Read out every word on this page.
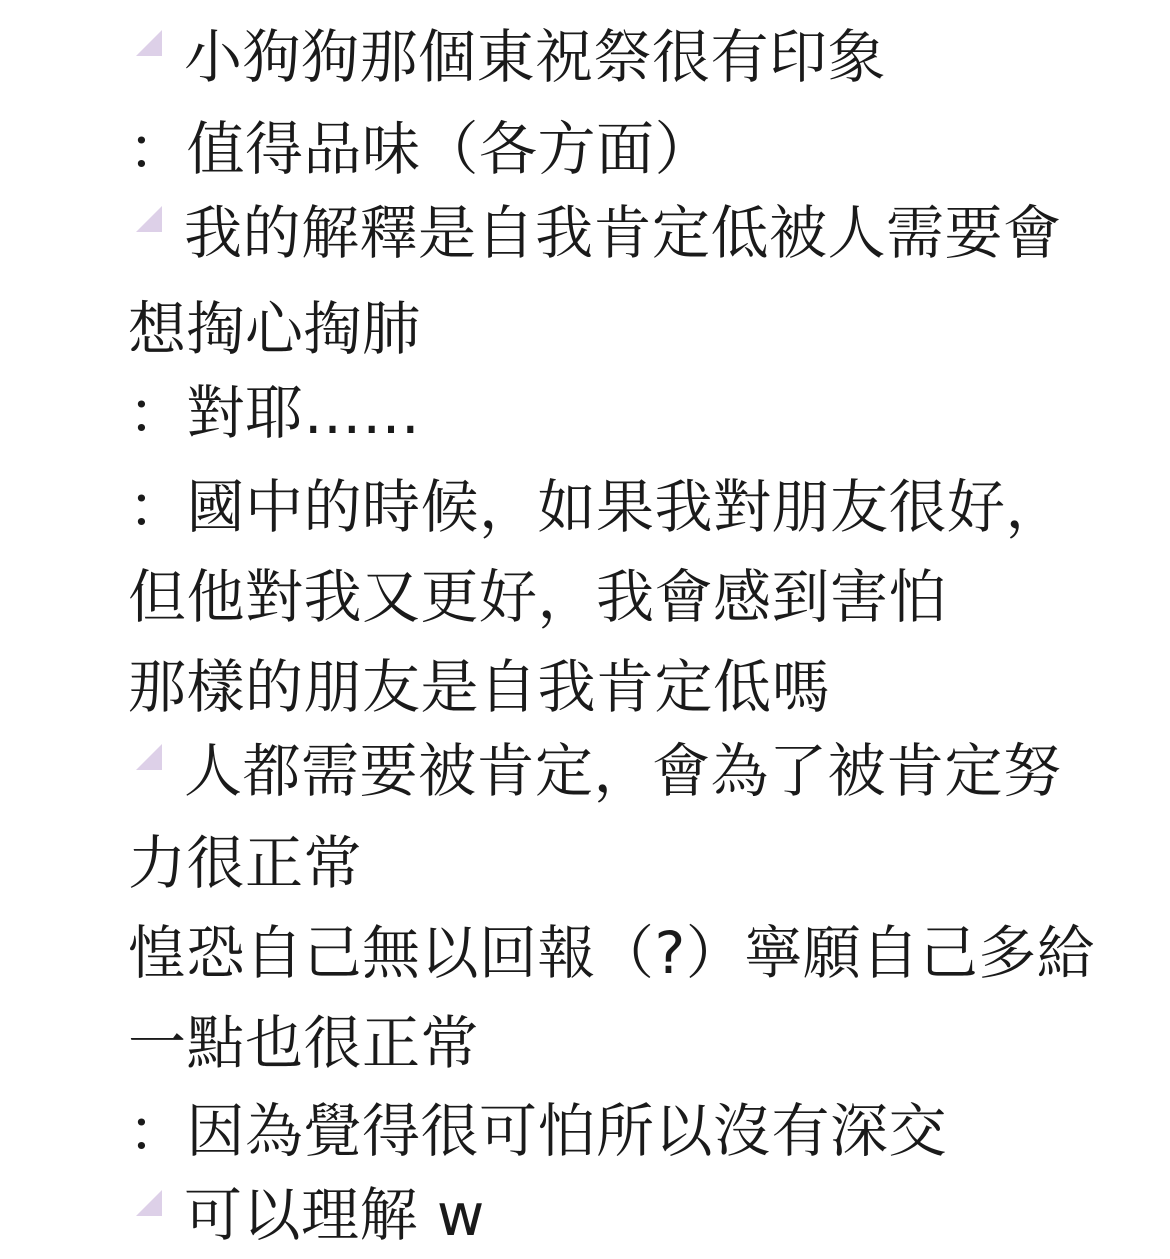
小狗狗那個東祝祭很有印象
：值得品味（各方面）
我的解釋是自我肯定低被人需要會
想掏心掏肺
：對耶……
：國中的時候，如果我對朋友很好，
但他對我又更好，我會感到害怕
那樣的朋友是自我肯定低嗎
人都需要被肯定，會為了被肯定努
力很正常
惶恐自己無以回報（?）寧願自己多給
一點也很正常
：因為覺得很可怕所以沒有深交
可以理解 w
